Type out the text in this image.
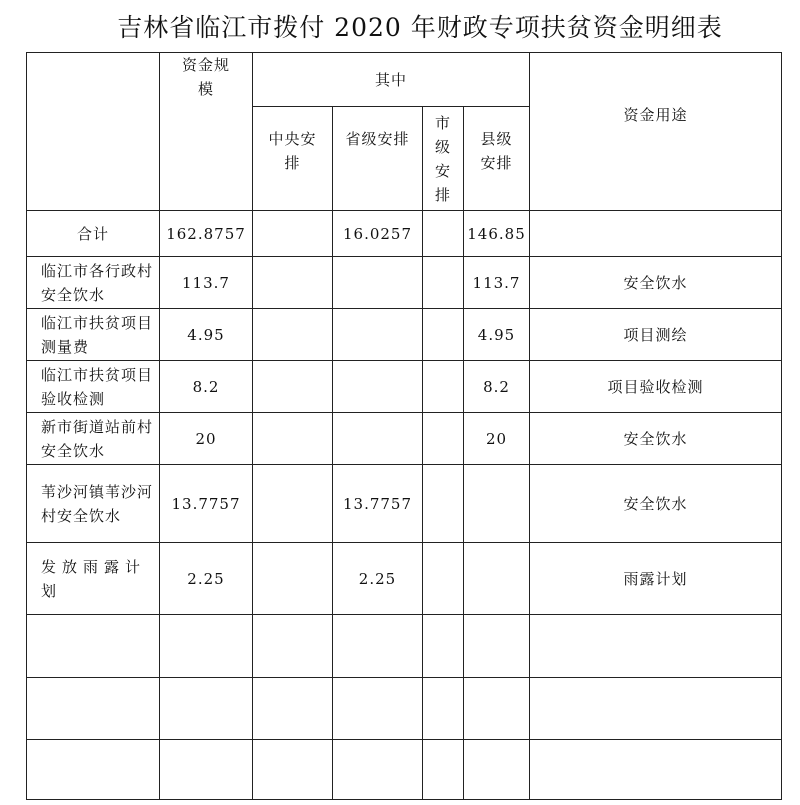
吉林省临江市拨付 2020 年财政专项扶贫资金明细表
	资金规模	其中				资金用途
		中央安排	省级安排	市级安排	县级安排	
合计	162.8757		16.0257		146.85	
临江市各行政村安全饮水	113.7				113.7	安全饮水
临江市扶贫项目测量费	4.95				4.95	项目测绘
临江市扶贫项目验收检测	8.2				8.2	项目验收检测
新市街道站前村安全饮水	20				20	安全饮水
苇沙河镇苇沙河村安全饮水	13.7757		13.7757			安全饮水
发放雨露计划	2.25		2.25			雨露计划
